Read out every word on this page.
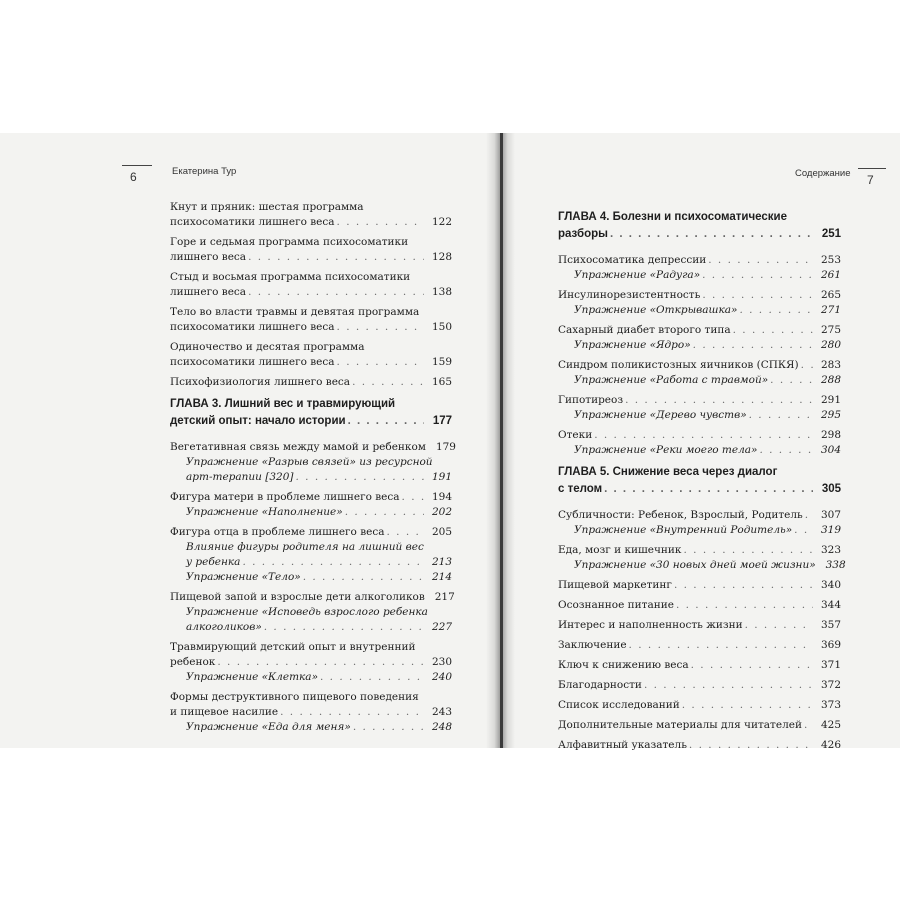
6	Екатерина Тур	Содержание 7
Кнут и пряник: шестая программа
психосоматики лишнего веса . . .	122
Горе и седьмая программа психосоматики
лишнего веса . . .	128
Стыд и восьмая программа психосоматики
лишнего веса . . .	138
Тело во власти травмы и девятая программа
психосоматики лишнего веса . . .	150
Одиночество и десятая программа
психосоматики лишнего веса . . .	159
Психофизиология лишнего веса . . .	165
ГЛАВА 3. Лишний вес и травмирующий
детский опыт: начало истории . . .	177
Вегетативная связь между мамой и ребенком 179
Упражнение «Разрыв связей» из ресурсной
арт-терапии [320] . . .	191
Фигура матери в проблеме лишнего веса . . .	194
Упражнение «Наполнение» . . .	202
Фигура отца в проблеме лишнего веса . . .	205
Влияние фигуры родителя на лишний вес
у ребенка . . .	213
Упражнение «Тело» . . .	214
Пищевой запой и взрослые дети алкоголиков 217
Упражнение «Исповедь взрослого ребенка
алкоголиков» . . .	227
Травмирующий детский опыт и внутренний
ребенок . . .	230
Упражнение «Клетка» . . .	240
Формы деструктивного пищевого поведения
и пищевое насилие . . .	243
Упражнение «Еда для меня» . . .	248
ГЛАВА 4. Болезни и психосоматические
разборы . . .	251
Психосоматика депрессии . . .	253
Упражнение «Радуга» . . .	261
Инсулинорезистентность . . .	265
Упражнение «Открывашка» . . .	271
Сахарный диабет второго типа . . .	275
Упражнение «Ядро» . . .	280
Синдром поликистозных яичников (СПКЯ) . . .	283
Упражнение «Работа с травмой» . . .	288
Гипотиреоз . . .	291
Упражнение «Дерево чувств» . . .	295
Отеки . . .	298
Упражнение «Реки моего тела» . . .	304
ГЛАВА 5. Снижение веса через диалог
с телом . . .	305
Субличности: Ребенок, Взрослый, Родитель . . .	307
Упражнение «Внутренний Родитель» . . .	319
Еда, мозг и кишечник . . .	323
Упражнение «30 новых дней моей жизни» 338
Пищевой маркетинг . . .	340
Осознанное питание . . .	344
Интерес и наполненность жизни . . .	357
Заключение . . .	369
Ключ к снижению веса . . .	371
Благодарности . . .	372
Список исследований . . .	373
Дополнительные материалы для читателей . . .	425
Алфавитный указатель . . .	426
